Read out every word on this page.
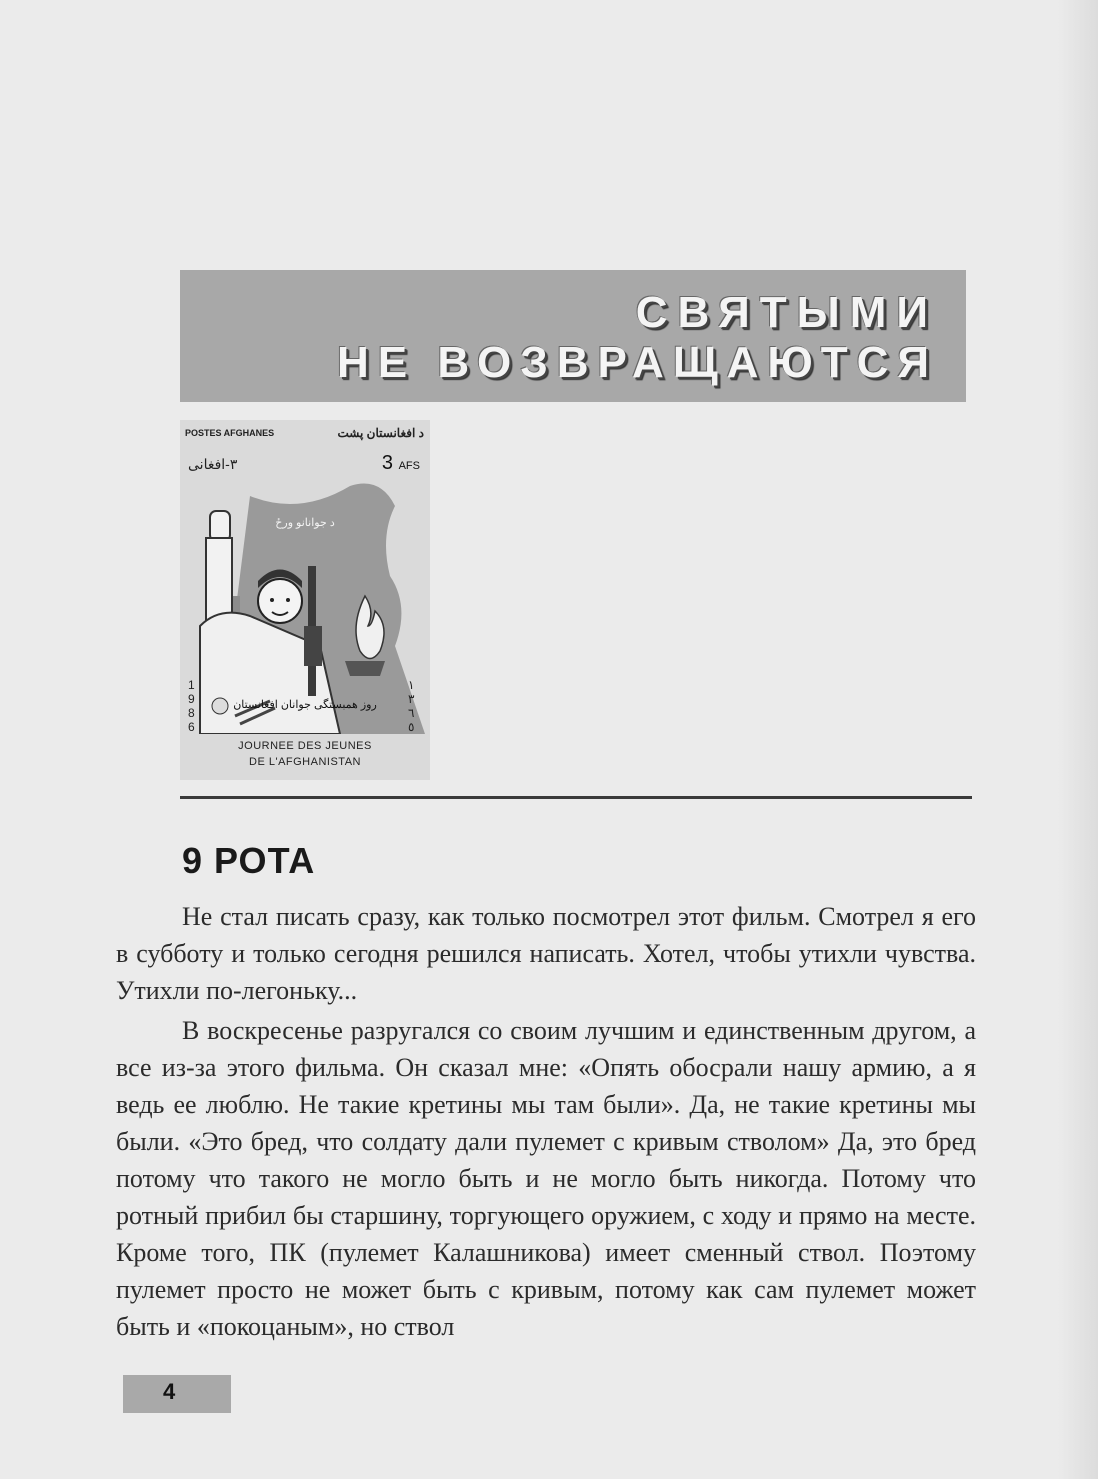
СВЯТЫМИ
НЕ ВОЗВРАЩАЮТСЯ
POSTES AFGHANES	د افغانستان پشت
٣-افغانی	3 AFS
د جوانانو ورځ
روز همبستگی جوانان افغانستان
1
9
8
6
١
٣
٦
٥
JOURNEE DES JEUNES
DE L'AFGHANISTAN
9 РОТА

Не стал писать сразу, как только посмотрел этот фильм. Смотрел я его в субботу и только сегодня решился написать. Хотел, чтобы утихли чувства. Утихли по-легоньку...

В воскресенье разругался со своим лучшим и единственным другом, а все из-за этого фильма. Он сказал мне: «Опять обосрали нашу армию, а я ведь ее люблю. Не такие кретины мы там были». Да, не такие кретины мы были. «Это бред, что солдату дали пулемет с кривым стволом» Да, это бред потому что такого не могло быть и не могло быть никогда. Потому что ротный прибил бы старшину, торгующего оружием, с ходу и прямо на месте. Кроме того, ПК (пулемет Калашникова) имеет сменный ствол. Поэтому пулемет просто не может быть с кривым, потому как сам пулемет может быть и «покоцаным», но ствол

4
